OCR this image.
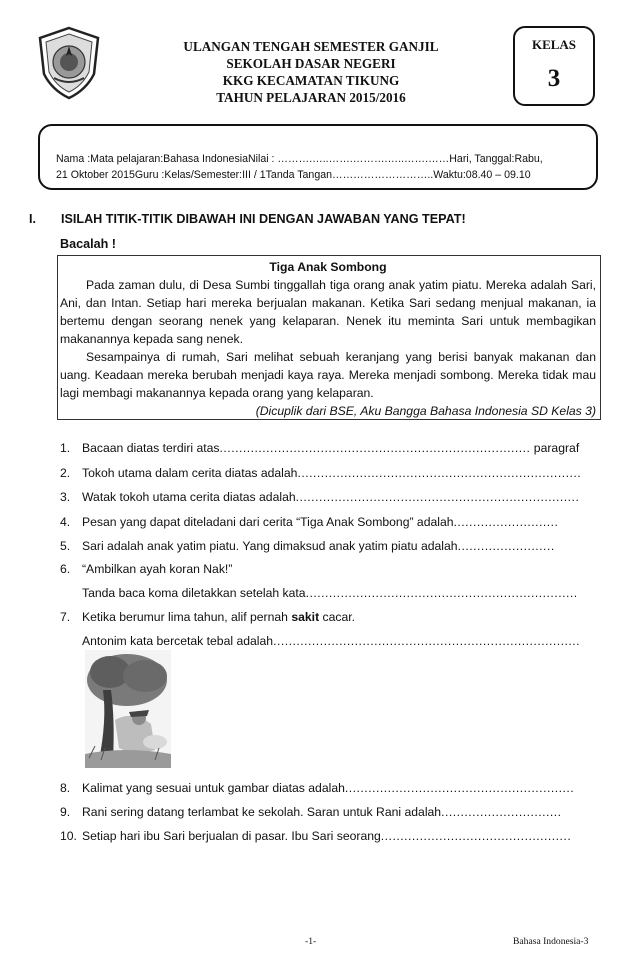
ULANGAN TENGAH SEMESTER GANJIL
SEKOLAH DASAR NEGERI
KKG KECAMATAN TIKUNG
TAHUN PELAJARAN 2015/2016
KELAS
3
Nama :Mata pelajaran:Bahasa IndonesiaNilai : ……….…..…….……….…..…….……Hari, Tanggal:Rabu,
21 Oktober 2015Guru :Kelas/Semester:III / 1Tanda Tangan………………………..Waktu:08.40 – 09.10
I. ISILAH TITIK-TITIK DIBAWAH INI DENGAN JAWABAN YANG TEPAT!
Bacalah !
Tiga Anak Sombong

Pada zaman dulu, di Desa Sumbi tinggallah tiga orang anak yatim piatu. Mereka adalah Sari, Ani, dan Intan. Setiap hari mereka berjualan makanan. Ketika Sari sedang menjual makanan, ia bertemu dengan seorang nenek yang kelaparan. Nenek itu meminta Sari untuk membagikan makanannya kepada sang nenek.

Sesampainya di rumah, Sari melihat sebuah keranjang yang berisi banyak makanan dan uang. Keadaan mereka berubah menjadi kaya raya. Mereka menjadi sombong. Mereka tidak mau lagi membagi makanannya kepada orang yang kelaparan.

(Dicuplik dari BSE, Aku Bangga Bahasa Indonesia SD Kelas 3)
1. Bacaan diatas terdiri atas................................................................................ paragraf
2. Tokoh utama dalam cerita diatas adalah.........................................................................
3. Watak tokoh utama cerita diatas adalah.........................................................................
4. Pesan yang dapat diteladani dari cerita “Tiga Anak Sombong” adalah...........................
5. Sari adalah anak yatim piatu. Yang dimaksud anak yatim piatu adalah.........................
6. “Ambilkan ayah koran Nak!”
Tanda baca koma diletakkan setelah kata......................................................................
7. Ketika berumur lima tahun, alif pernah sakit cacar.
Antonim kata bercetak tebal adalah...............................................................................
8. Kalimat yang sesuai untuk gambar diatas adalah...........................................................
9. Rani sering datang terlambat ke sekolah. Saran untuk Rani adalah...............................
10. Setiap hari ibu Sari berjualan di pasar. Ibu Sari seorang.................................................
-1-	Bahasa Indonesia-3
